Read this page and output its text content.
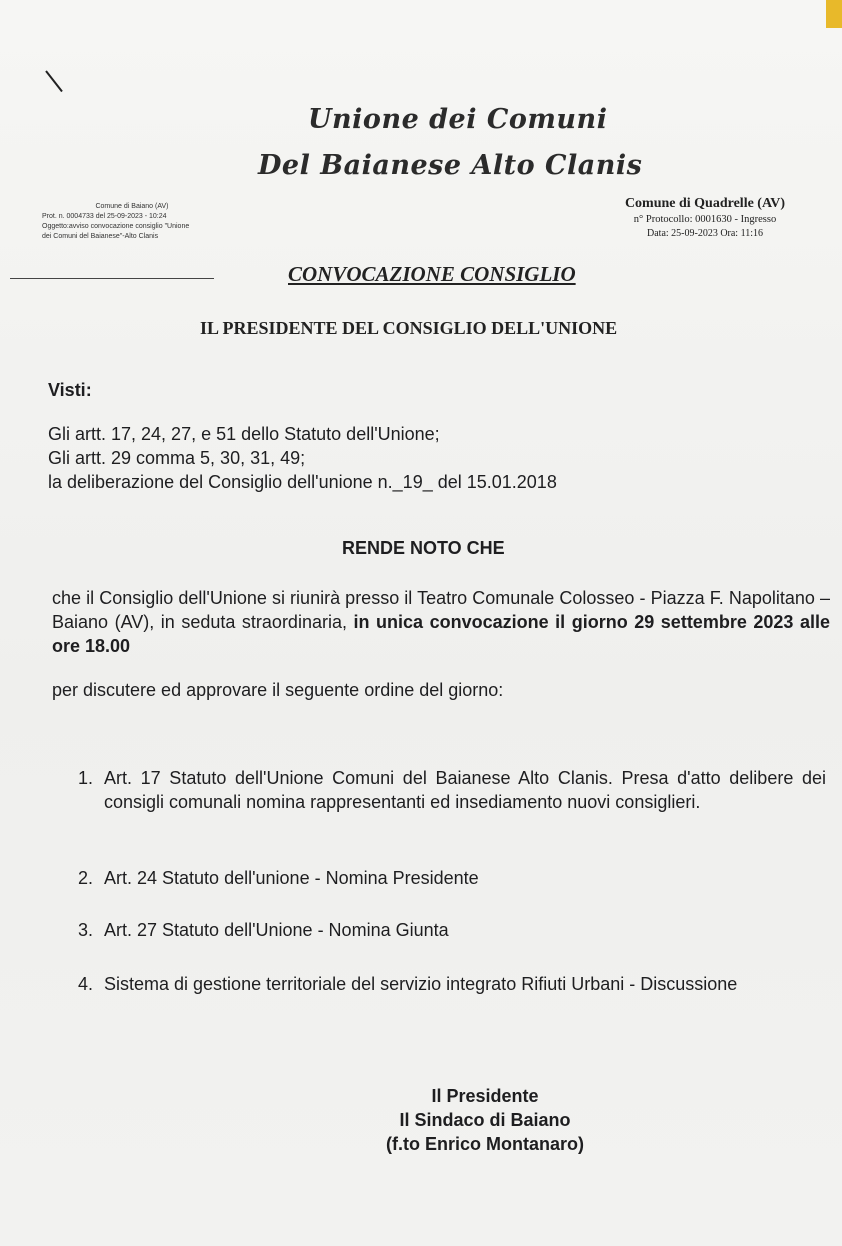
Unione dei Comuni
Del Baianese Alto Clanis
Comune di Baiano (AV)
Prot. n. 0004733 del 25-09-2023 - 10:24
Oggetto:avviso convocazione consiglio "Unione
dei Comuni del Baianese"-Alto Clanis
Comune di Quadrelle (AV)
n° Protocollo: 0001630 - Ingresso
Data: 25-09-2023 Ora: 11:16
CONVOCAZIONE CONSIGLIO
IL PRESIDENTE DEL CONSIGLIO DELL'UNIONE
Visti:
Gli artt. 17, 24, 27, e 51 dello Statuto dell'Unione;
Gli artt. 29 comma 5, 30, 31, 49;
la deliberazione del Consiglio dell'unione n._19_ del 15.01.2018
RENDE NOTO CHE
che il Consiglio dell'Unione si riunirà presso il Teatro Comunale Colosseo - Piazza F. Napolitano – Baiano (AV), in seduta straordinaria, in unica convocazione il giorno 29 settembre 2023 alle ore 18.00
per discutere ed approvare il seguente ordine del giorno:
1. Art. 17 Statuto dell'Unione Comuni del Baianese Alto Clanis. Presa d'atto delibere dei consigli comunali nomina rappresentanti ed insediamento nuovi consiglieri.
2. Art. 24 Statuto dell'unione - Nomina Presidente
3. Art. 27 Statuto dell'Unione - Nomina Giunta
4. Sistema di gestione territoriale del servizio integrato Rifiuti Urbani - Discussione
Il Presidente
Il Sindaco di Baiano
(f.to Enrico Montanaro)
